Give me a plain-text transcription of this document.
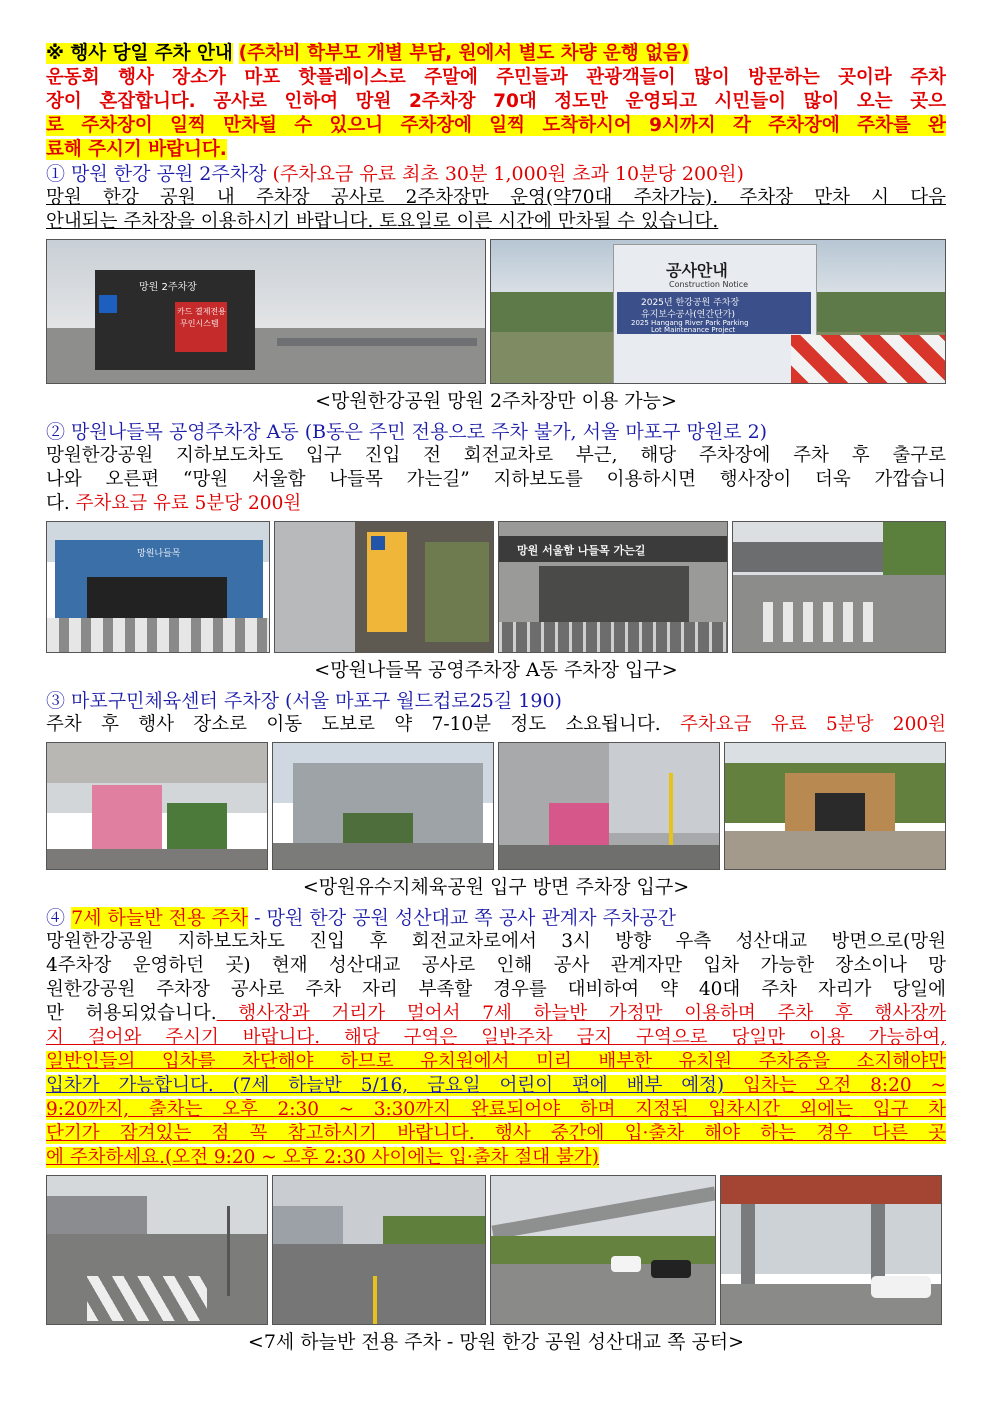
※ 행사 당일 주차 안내 (주차비 학부모 개별 부담, 원에서 별도 차량 운행 없음)
운동회 행사 장소가 마포 핫플레이스로 주말에 주민들과 관광객들이 많이 방문하는 곳이라 주차
장이 혼잡합니다. 공사로 인하여 망원 2주차장 70대 정도만 운영되고 시민들이 많이 오는 곳으
로 주차장이 일찍 만차될 수 있으니 주차장에 일찍 도착하시어 9시까지 각 주차장에 주차를 완
료해 주시기 바랍니다.
① 망원 한강 공원 2주차장 (주차요금 유료 최초 30분 1,000원 초과 10분당 200원)
망원 한강 공원 내 주차장 공사로 2주차장만 운영(약70대 주차가능). 주차장 만차 시 다음
안내되는 주차장을 이용하시기 바랍니다. 토요일로 이른 시간에 만차될 수 있습니다.
망원 2주차장
카드 결제전용
무인시스템
공사안내
Construction Notice
2025년 한강공원 주차장
유지보수공사(연간단가)
2025 Hangang River Park Parking
Lot Maintenance Project
<망원한강공원 망원 2주차장만 이용 가능>
② 망원나들목 공영주차장 A동 (B동은 주민 전용으로 주차 불가, 서울 마포구 망원로 2)
망원한강공원 지하보도차도 입구 진입 전 회전교차로 부근, 해당 주차장에 주차 후 출구로
나와 오른편 “망원 서울함 나들목 가는길” 지하보도를 이용하시면 행사장이 더욱 가깝습니
다. 주차요금 유료 5분당 200원
망원나들목	망원 서울함 나들목 가는길
<망원나들목 공영주차장 A동 주차장 입구>
③ 마포구민체육센터 주차장 (서울 마포구 월드컵로25길 190)
주차 후 행사 장소로 이동 도보로 약 7-10분 정도 소요됩니다. 주차요금 유료 5분당 200원
<망원유수지체육공원 입구 방면 주차장 입구>
④ 7세 하늘반 전용 주차 - 망원 한강 공원 성산대교 쪽 공사 관계자 주차공간
망원한강공원 지하보도차도 진입 후 회전교차로에서 3시 방향 우측 성산대교 방면으로(망원
4주차장 운영하던 곳) 현재 성산대교 공사로 인해 공사 관계자만 입차 가능한 장소이나 망
원한강공원 주차장 공사로 주차 자리 부족할 경우를 대비하여 약 40대 주차 자리가 당일에
만 허용되었습니다. 행사장과 거리가 멀어서 7세 하늘반 가정만 이용하며 주차 후 행사장까
지 걸어와 주시기 바랍니다. 해당 구역은 일반주차 금지 구역으로 당일만 이용 가능하여,
일반인들의 입차를 차단해야 하므로 유치원에서 미리 배부한 유치원 주차증을 소지해야만
입차가 가능합니다. (7세 하늘반 5/16, 금요일 어린이 편에 배부 예정) 입차는 오전 8:20 ~
9:20까지, 출차는 오후 2:30 ~ 3:30까지 완료되어야 하며 지정된 입차시간 외에는 입구 차
단기가 잠겨있는 점 꼭 참고하시기 바랍니다. 행사 중간에 입·출차 해야 하는 경우 다른 곳
에 주차하세요.(오전 9:20 ~ 오후 2:30 사이에는 입·출차 절대 불가)
<7세 하늘반 전용 주차 - 망원 한강 공원 성산대교 쪽 공터>
